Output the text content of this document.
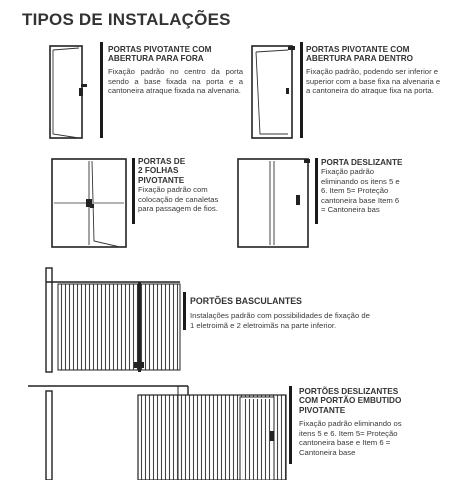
TIPOS DE INSTALAÇÕES
PORTAS PIVOTANTE COM ABERTURA PARA FORA
Fixação padrão no centro da porta sendo a base fixada na porta e a cantoneira atraque fixada na alvenaria.
PORTAS PIVOTANTE COM ABERTURA PARA DENTRO
Fixação padrão, podendo ser inferior e superior com a base fixa na alvenaria e a cantoneira do atraque fixa na porta.
PORTAS DE 2 FOLHAS PIVOTANTE
Fixação padrão com colocação de canaletas para passagem de fios.
PORTA DESLIZANTE
Fixação padrão eliminando os itens 5 e 6. Item 5= Proteção cantoneira base Item 6 = Cantoneira bas
PORTÕES BASCULANTES
Instalações padrão com possibilidades de fixação de 1 eletroimã e 2 eletroimãs na parte inferior.
PORTÕES DESLIZANTES COM PORTÃO EMBUTIDO PIVOTANTE
Fixação padrão eliminando os itens 5 e 6. Item 5= Proteção cantoneira base e Item 6 = Cantoneira base
